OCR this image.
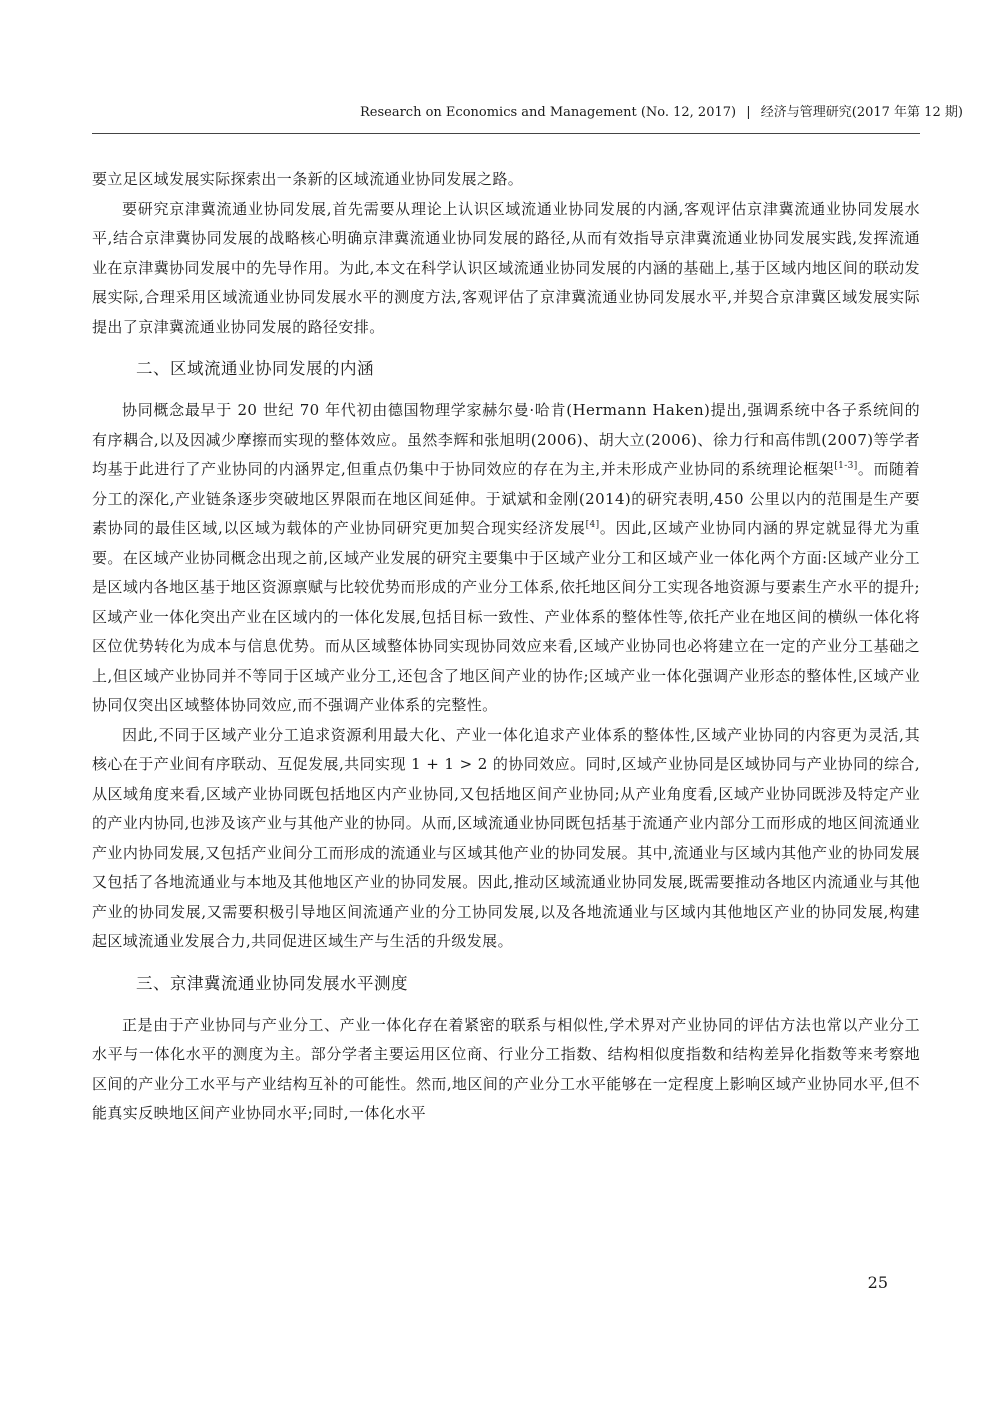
Research on Economics and Management (No. 12, 2017) | 经济与管理研究(2017 年第 12 期)

要立足区域发展实际探索出一条新的区域流通业协同发展之路。

要研究京津冀流通业协同发展,首先需要从理论上认识区域流通业协同发展的内涵,客观评估京津冀流通业协同发展水平,结合京津冀协同发展的战略核心明确京津冀流通业协同发展的路径,从而有效指导京津冀流通业协同发展实践,发挥流通业在京津冀协同发展中的先导作用。为此,本文在科学认识区域流通业协同发展的内涵的基础上,基于区域内地区间的联动发展实际,合理采用区域流通业协同发展水平的测度方法,客观评估了京津冀流通业协同发展水平,并契合京津冀区域发展实际提出了京津冀流通业协同发展的路径安排。

二、区域流通业协同发展的内涵

协同概念最早于 20 世纪 70 年代初由德国物理学家赫尔曼·哈肯(Hermann Haken)提出,强调系统中各子系统间的有序耦合,以及因减少摩擦而实现的整体效应。虽然李辉和张旭明(2006)、胡大立(2006)、徐力行和高伟凯(2007)等学者均基于此进行了产业协同的内涵界定,但重点仍集中于协同效应的存在为主,并未形成产业协同的系统理论框架[1-3]。而随着分工的深化,产业链条逐步突破地区界限而在地区间延伸。于斌斌和金刚(2014)的研究表明,450 公里以内的范围是生产要素协同的最佳区域,以区域为载体的产业协同研究更加契合现实经济发展[4]。因此,区域产业协同内涵的界定就显得尤为重要。在区域产业协同概念出现之前,区域产业发展的研究主要集中于区域产业分工和区域产业一体化两个方面:区域产业分工是区域内各地区基于地区资源禀赋与比较优势而形成的产业分工体系,依托地区间分工实现各地资源与要素生产水平的提升;区域产业一体化突出产业在区域内的一体化发展,包括目标一致性、产业体系的整体性等,依托产业在地区间的横纵一体化将区位优势转化为成本与信息优势。而从区域整体协同实现协同效应来看,区域产业协同也必将建立在一定的产业分工基础之上,但区域产业协同并不等同于区域产业分工,还包含了地区间产业的协作;区域产业一体化强调产业形态的整体性,区域产业协同仅突出区域整体协同效应,而不强调产业体系的完整性。

因此,不同于区域产业分工追求资源利用最大化、产业一体化追求产业体系的整体性,区域产业协同的内容更为灵活,其核心在于产业间有序联动、互促发展,共同实现 1 + 1 > 2 的协同效应。同时,区域产业协同是区域协同与产业协同的综合,从区域角度来看,区域产业协同既包括地区内产业协同,又包括地区间产业协同;从产业角度看,区域产业协同既涉及特定产业的产业内协同,也涉及该产业与其他产业的协同。从而,区域流通业协同既包括基于流通产业内部分工而形成的地区间流通业产业内协同发展,又包括产业间分工而形成的流通业与区域其他产业的协同发展。其中,流通业与区域内其他产业的协同发展又包括了各地流通业与本地及其他地区产业的协同发展。因此,推动区域流通业协同发展,既需要推动各地区内流通业与其他产业的协同发展,又需要积极引导地区间流通产业的分工协同发展,以及各地流通业与区域内其他地区产业的协同发展,构建起区域流通业发展合力,共同促进区域生产与生活的升级发展。

三、京津冀流通业协同发展水平测度

正是由于产业协同与产业分工、产业一体化存在着紧密的联系与相似性,学术界对产业协同的评估方法也常以产业分工水平与一体化水平的测度为主。部分学者主要运用区位商、行业分工指数、结构相似度指数和结构差异化指数等来考察地区间的产业分工水平与产业结构互补的可能性。然而,地区间的产业分工水平能够在一定程度上影响区域产业协同水平,但不能真实反映地区间产业协同水平;同时,一体化水平

25
